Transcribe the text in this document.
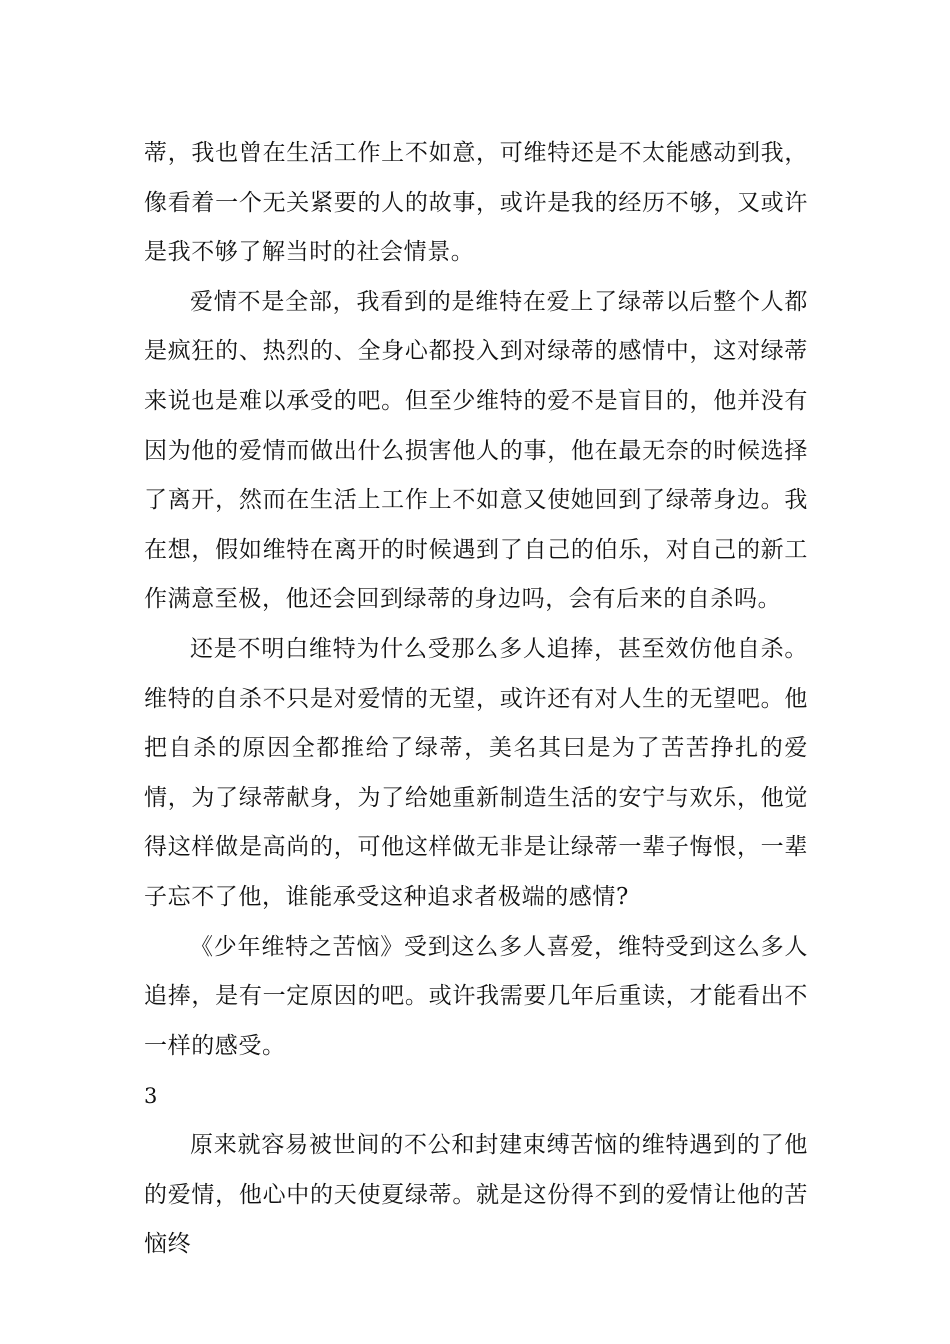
蒂，我也曾在生活工作上不如意，可维特还是不太能感动到我，像看着一个无关紧要的人的故事，或许是我的经历不够，又或许是我不够了解当时的社会情景。

爱情不是全部，我看到的是维特在爱上了绿蒂以后整个人都是疯狂的、热烈的、全身心都投入到对绿蒂的感情中，这对绿蒂来说也是难以承受的吧。但至少维特的爱不是盲目的，他并没有因为他的爱情而做出什么损害他人的事，他在最无奈的时候选择了离开，然而在生活上工作上不如意又使她回到了绿蒂身边。我在想，假如维特在离开的时候遇到了自己的伯乐，对自己的新工作满意至极，他还会回到绿蒂的身边吗，会有后来的自杀吗。

还是不明白维特为什么受那么多人追捧，甚至效仿他自杀。维特的自杀不只是对爱情的无望，或许还有对人生的无望吧。他把自杀的原因全都推给了绿蒂，美名其曰是为了苦苦挣扎的爱情，为了绿蒂献身，为了给她重新制造生活的安宁与欢乐，他觉得这样做是高尚的，可他这样做无非是让绿蒂一辈子悔恨，一辈子忘不了他，谁能承受这种追求者极端的感情?

《少年维特之苦恼》受到这么多人喜爱，维特受到这么多人追捧，是有一定原因的吧。或许我需要几年后重读，才能看出不一样的感受。

3

原来就容易被世间的不公和封建束缚苦恼的维特遇到的了他的爱情，他心中的天使夏绿蒂。就是这份得不到的爱情让他的苦恼终
